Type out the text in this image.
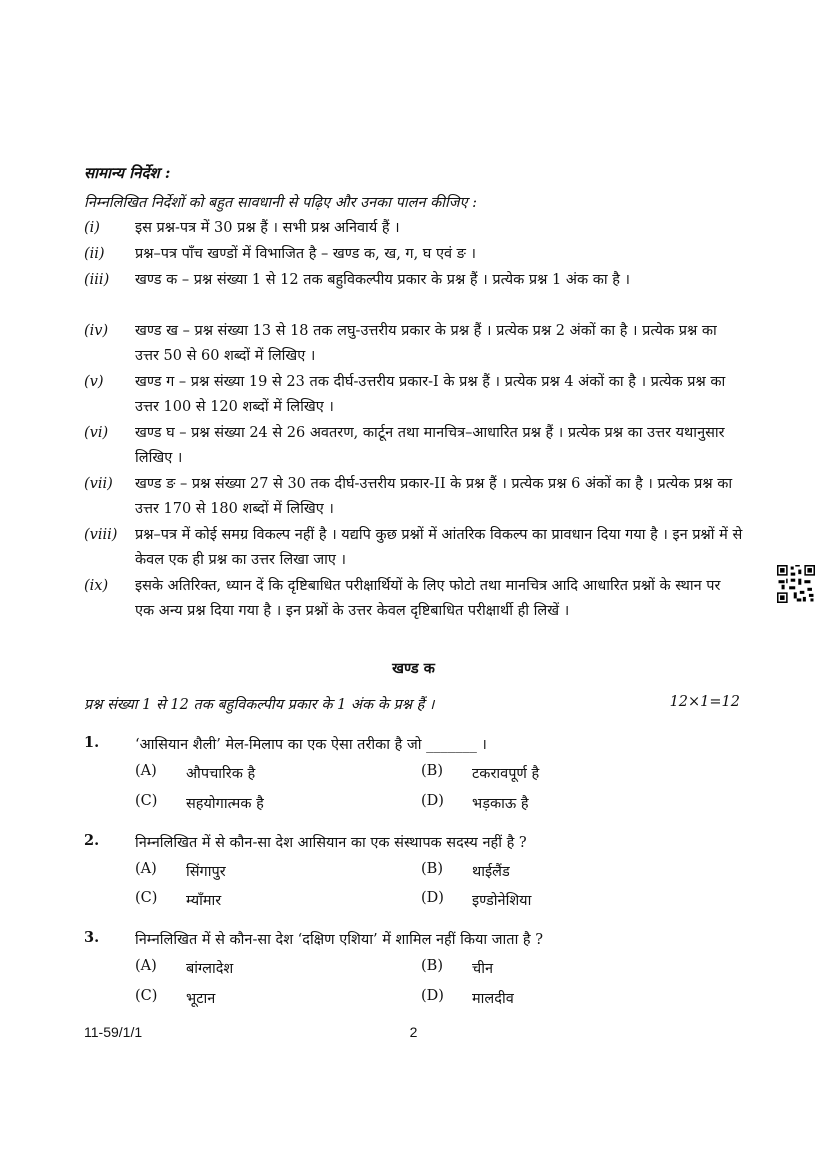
सामान्य निर्देश :
निम्नलिखित निर्देशों को बहुत सावधानी से पढ़िए और उनका पालन कीजिए :
(i) इस प्रश्न-पत्र में 30 प्रश्न हैं । सभी प्रश्न अनिवार्य हैं ।
(ii) प्रश्न–पत्र पाँच खण्डों में विभाजित है – खण्ड क, ख, ग, घ एवं ङ ।
(iii) खण्ड क – प्रश्न संख्या 1 से 12 तक बहुविकल्पीय प्रकार के प्रश्न हैं । प्रत्येक प्रश्न 1 अंक का है ।
(iv) खण्ड ख – प्रश्न संख्या 13 से 18 तक लघु-उत्तरीय प्रकार के प्रश्न हैं । प्रत्येक प्रश्न 2 अंकों का है । प्रत्येक प्रश्न का उत्तर 50 से 60 शब्दों में लिखिए ।
(v) खण्ड ग – प्रश्न संख्या 19 से 23 तक दीर्घ-उत्तरीय प्रकार-I के प्रश्न हैं । प्रत्येक प्रश्न 4 अंकों का है । प्रत्येक प्रश्न का उत्तर 100 से 120 शब्दों में लिखिए ।
(vi) खण्ड घ – प्रश्न संख्या 24 से 26 अवतरण, कार्टून तथा मानचित्र–आधारित प्रश्न हैं । प्रत्येक प्रश्न का उत्तर यथानुसार लिखिए ।
(vii) खण्ड ङ – प्रश्न संख्या 27 से 30 तक दीर्घ-उत्तरीय प्रकार-II के प्रश्न हैं । प्रत्येक प्रश्न 6 अंकों का है । प्रत्येक प्रश्न का उत्तर 170 से 180 शब्दों में लिखिए ।
(viii) प्रश्न–पत्र में कोई समग्र विकल्प नहीं है । यद्यपि कुछ प्रश्नों में आंतरिक विकल्प का प्रावधान दिया गया है । इन प्रश्नों में से केवल एक ही प्रश्न का उत्तर लिखा जाए ।
(ix) इसके अतिरिक्त, ध्यान दें कि दृष्टिबाधित परीक्षार्थियों के लिए फोटो तथा मानचित्र आदि आधारित प्रश्नों के स्थान पर एक अन्य प्रश्न दिया गया है । इन प्रश्नों के उत्तर केवल दृष्टिबाधित परीक्षार्थी ही लिखें ।
खण्ड क
प्रश्न संख्या 1 से 12 तक बहुविकल्पीय प्रकार के 1 अंक के प्रश्न हैं ।	12×1=12
1. ‘आसियान शैली’ मेल-मिलाप का एक ऐसा तरीका है जो _______ ।
(A) औपचारिक है	(B) टकरावपूर्ण है
(C) सहयोगात्मक है	(D) भड़काऊ है
2. निम्नलिखित में से कौन-सा देश आसियान का एक संस्थापक सदस्य नहीं है ?
(A) सिंगापुर	(B) थाईलैंड
(C) म्याँमार	(D) इण्डोनेशिया
3. निम्नलिखित में से कौन-सा देश ‘दक्षिण एशिया’ में शामिल नहीं किया जाता है ?
(A) बांग्लादेश	(B) चीन
(C) भूटान	(D) मालदीव
11-59/1/1	2
